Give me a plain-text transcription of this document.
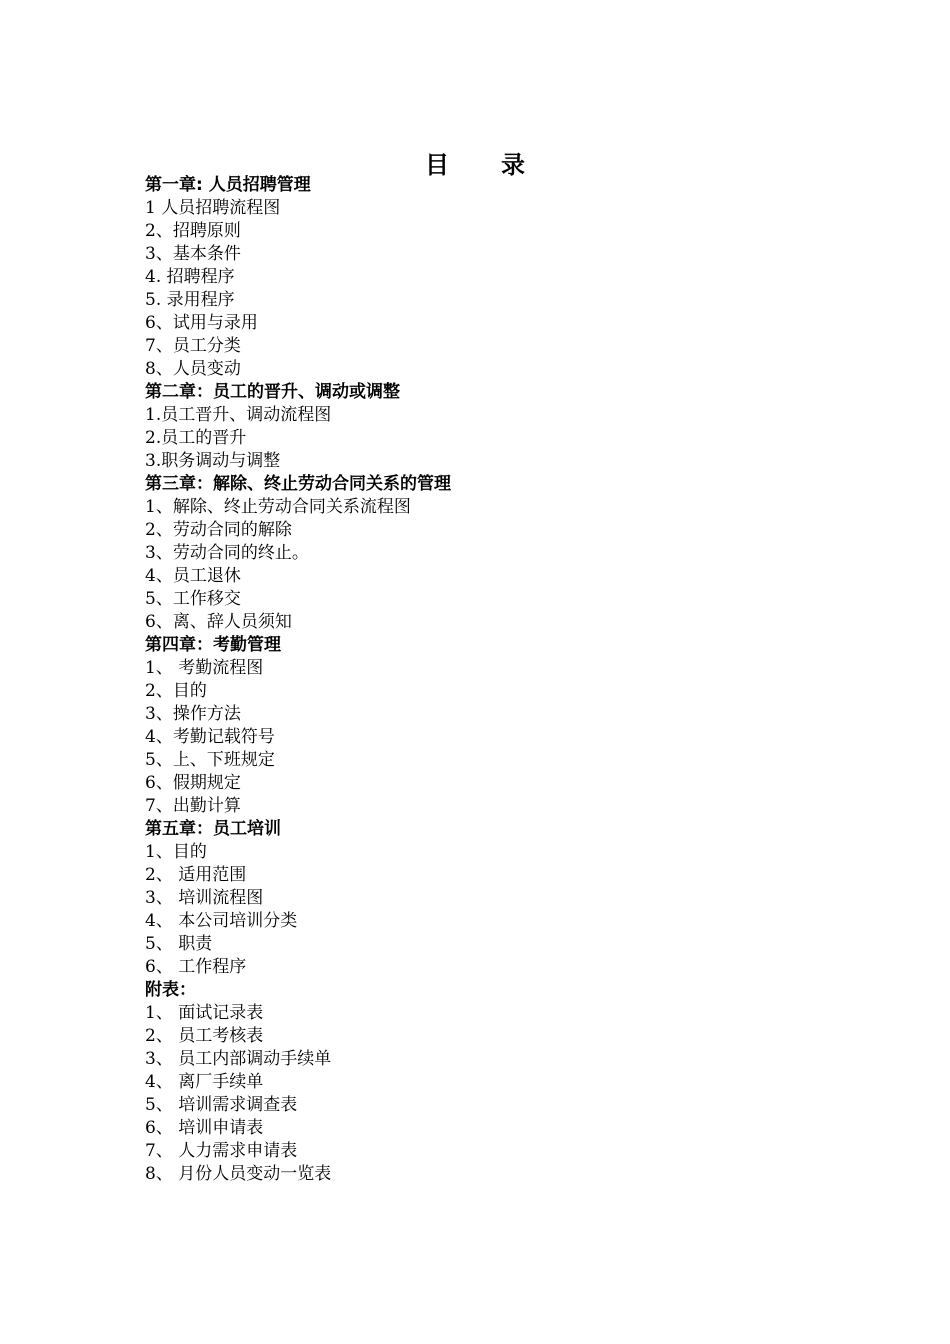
目 录
第一章: 人员招聘管理
1 人员招聘流程图
2、招聘原则
3、基本条件
4. 招聘程序
5. 录用程序
6、试用与录用
7、员工分类
8、人员变动
第二章：员工的晋升、调动或调整
1.员工晋升、调动流程图
2.员工的晋升
3.职务调动与调整
第三章：解除、终止劳动合同关系的管理
1、解除、终止劳动合同关系流程图
2、劳动合同的解除
3、劳动合同的终止。
4、员工退休
5、工作移交
6、离、辞人员须知
第四章：考勤管理
1、 考勤流程图
2、目的
3、操作方法
4、考勤记载符号
5、上、下班规定
6、假期规定
7、出勤计算
第五章：员工培训
1、目的
2、 适用范围
3、 培训流程图
4、 本公司培训分类
5、 职责
6、 工作程序
附表：
1、 面试记录表
2、 员工考核表
3、 员工内部调动手续单
4、 离厂手续单
5、 培训需求调查表
6、 培训申请表
7、 人力需求申请表
8、 月份人员变动一览表
